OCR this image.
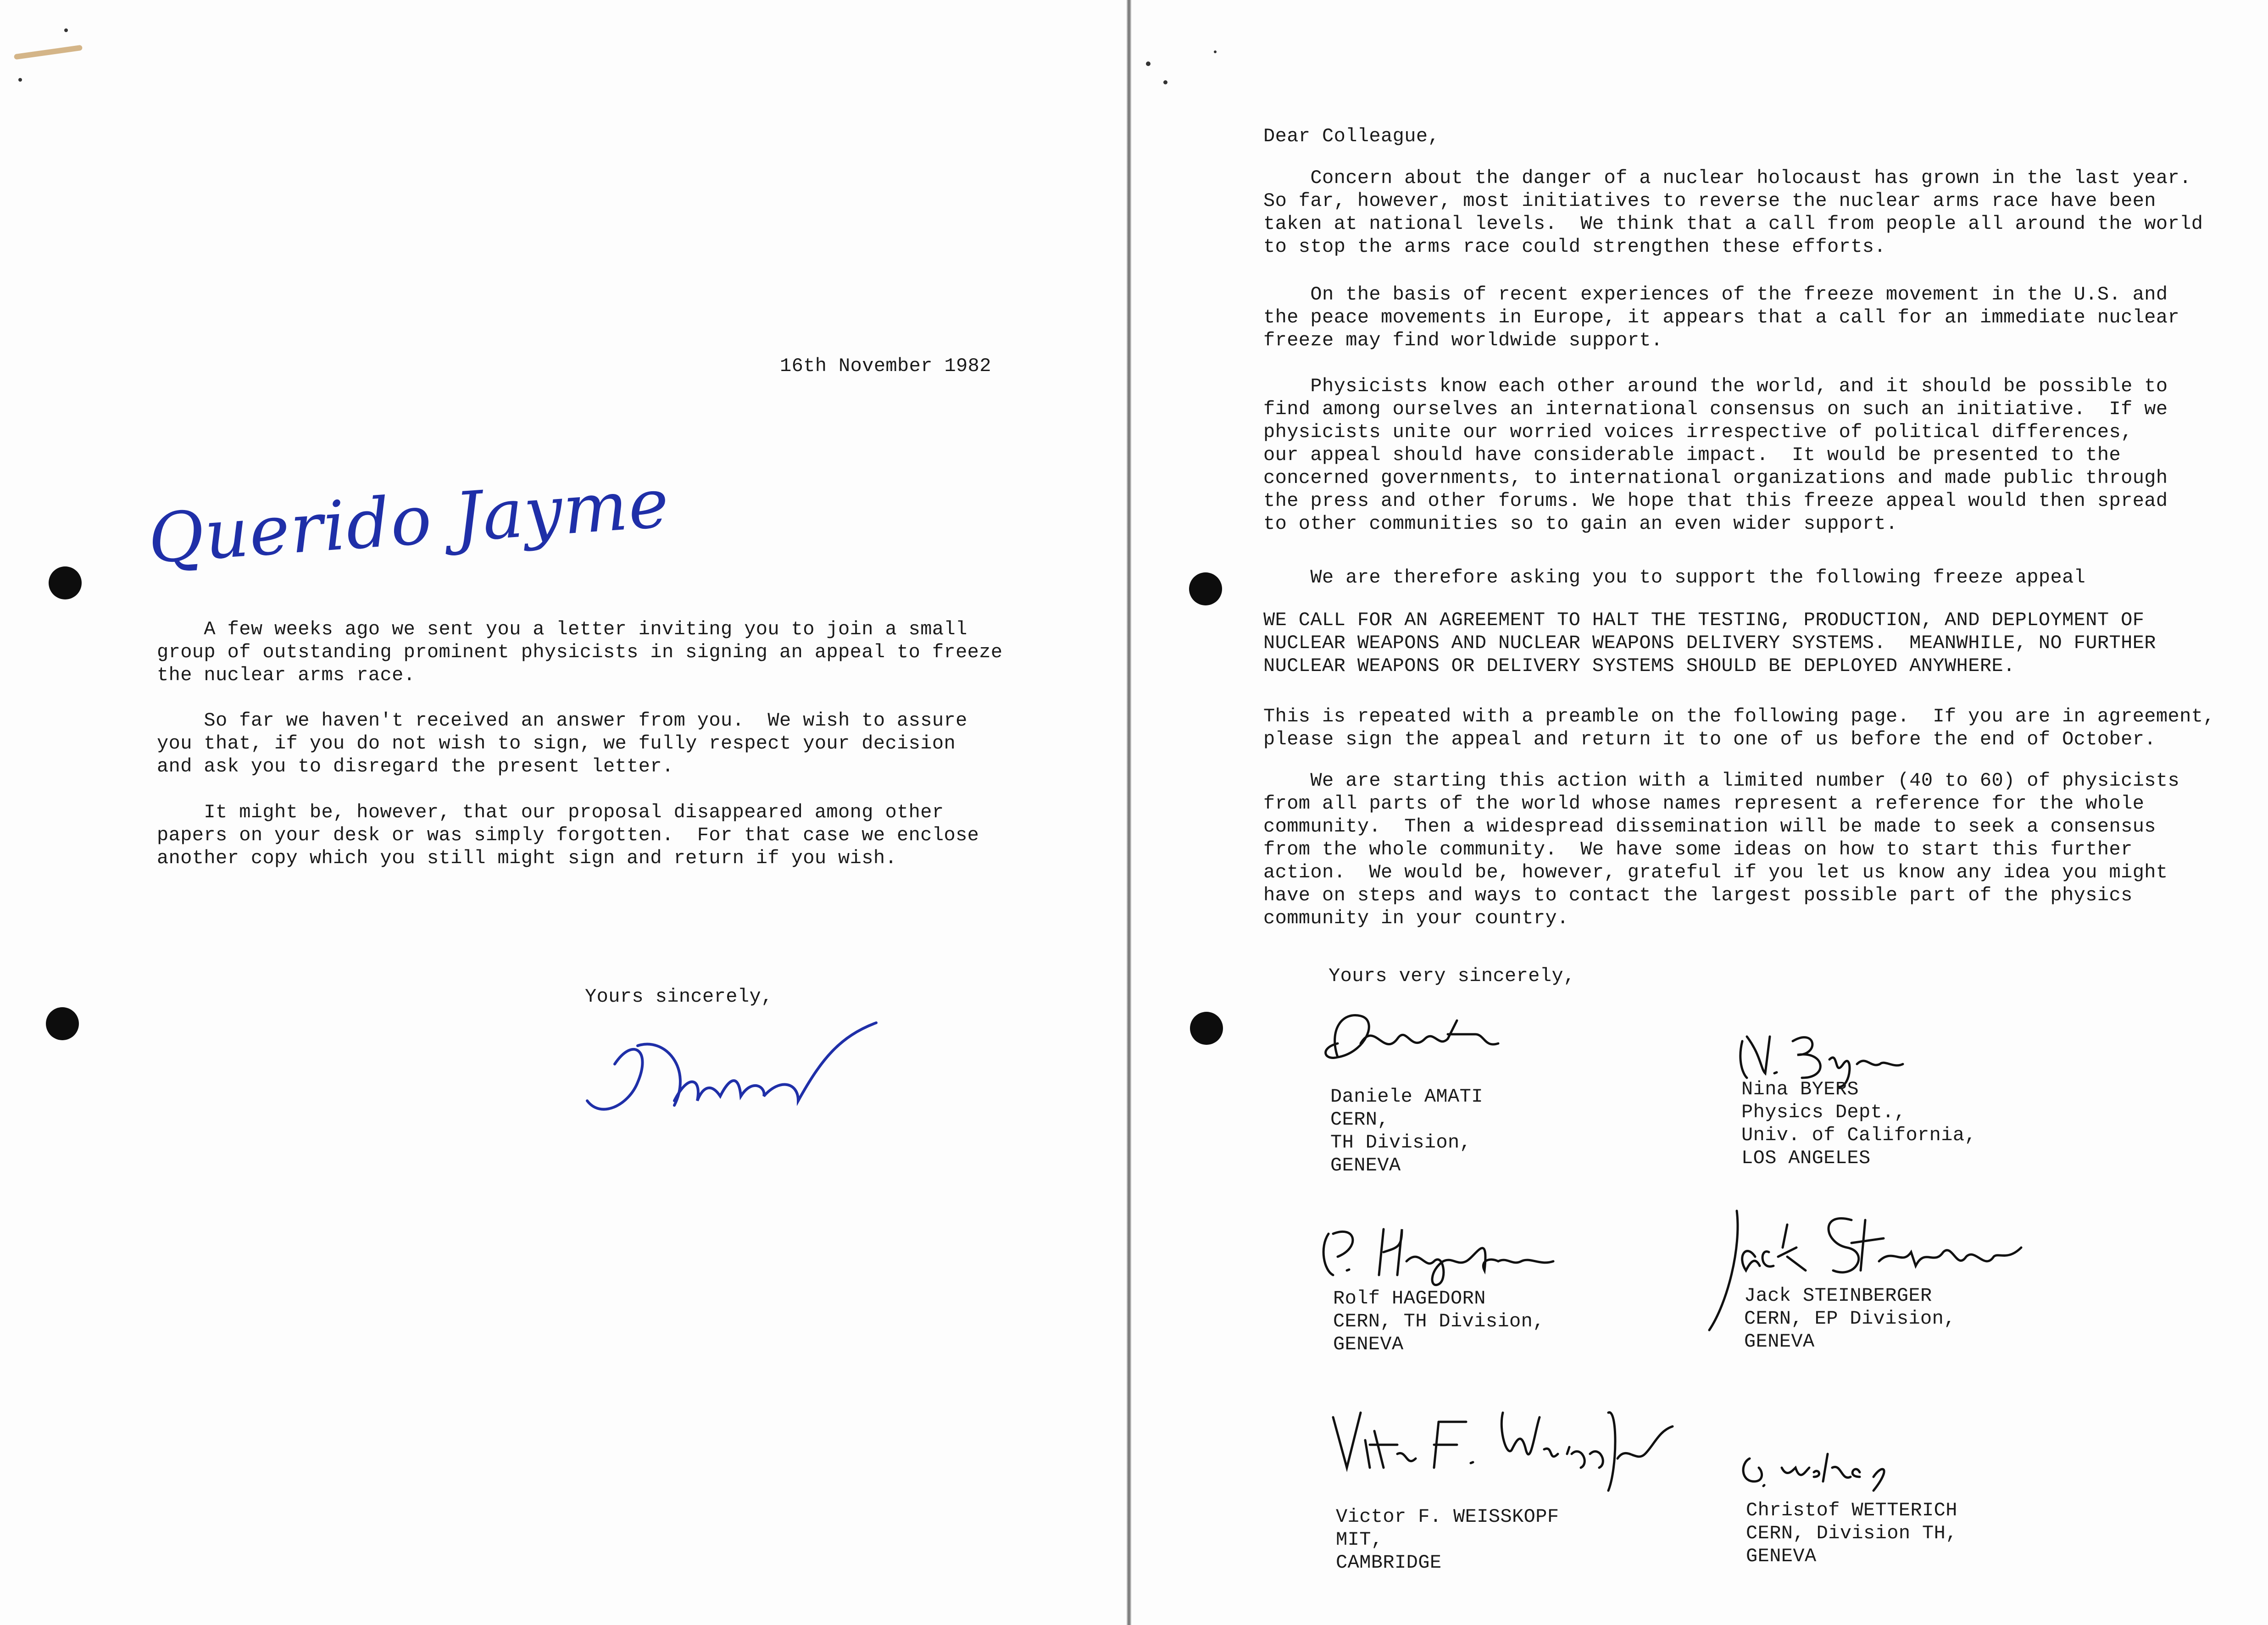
16th November 1982
Querido Jayme
A few weeks ago we sent you a letter inviting you to join a small
group of outstanding prominent physicists in signing an appeal to freeze
the nuclear arms race.
So far we haven't received an answer from you.  We wish to assure
you that, if you do not wish to sign, we fully respect your decision
and ask you to disregard the present letter.
It might be, however, that our proposal disappeared among other
papers on your desk or was simply forgotten.  For that case we enclose
another copy which you still might sign and return if you wish.
Yours sincerely,
Dear Colleague,
Concern about the danger of a nuclear holocaust has grown in the last year.
So far, however, most initiatives to reverse the nuclear arms race have been
taken at national levels.  We think that a call from people all around the world
to stop the arms race could strengthen these efforts.
On the basis of recent experiences of the freeze movement in the U.S. and
the peace movements in Europe, it appears that a call for an immediate nuclear
freeze may find worldwide support.
Physicists know each other around the world, and it should be possible to
find among ourselves an international consensus on such an initiative.  If we
physicists unite our worried voices irrespective of political differences,
our appeal should have considerable impact.  It would be presented to the
concerned governments, to international organizations and made public through
the press and other forums. We hope that this freeze appeal would then spread
to other communities so to gain an even wider support.
We are therefore asking you to support the following freeze appeal
WE CALL FOR AN AGREEMENT TO HALT THE TESTING, PRODUCTION, AND DEPLOYMENT OF
NUCLEAR WEAPONS AND NUCLEAR WEAPONS DELIVERY SYSTEMS.  MEANWHILE, NO FURTHER
NUCLEAR WEAPONS OR DELIVERY SYSTEMS SHOULD BE DEPLOYED ANYWHERE.
This is repeated with a preamble on the following page.  If you are in agreement,
please sign the appeal and return it to one of us before the end of October.
We are starting this action with a limited number (40 to 60) of physicists
from all parts of the world whose names represent a reference for the whole
community.  Then a widespread dissemination will be made to seek a consensus
from the whole community.  We have some ideas on how to start this further
action.  We would be, however, grateful if you let us know any idea you might
have on steps and ways to contact the largest possible part of the physics
community in your country.
Yours very sincerely,
Daniele AMATI
CERN,
TH Division,
GENEVA
Nina BYERS
Physics Dept.,
Univ. of California,
LOS ANGELES
Rolf HAGEDORN
CERN, TH Division,
GENEVA
Jack STEINBERGER
CERN, EP Division,
GENEVA
Victor F. WEISSKOPF
MIT,
CAMBRIDGE
Christof WETTERICH
CERN, Division TH,
GENEVA
